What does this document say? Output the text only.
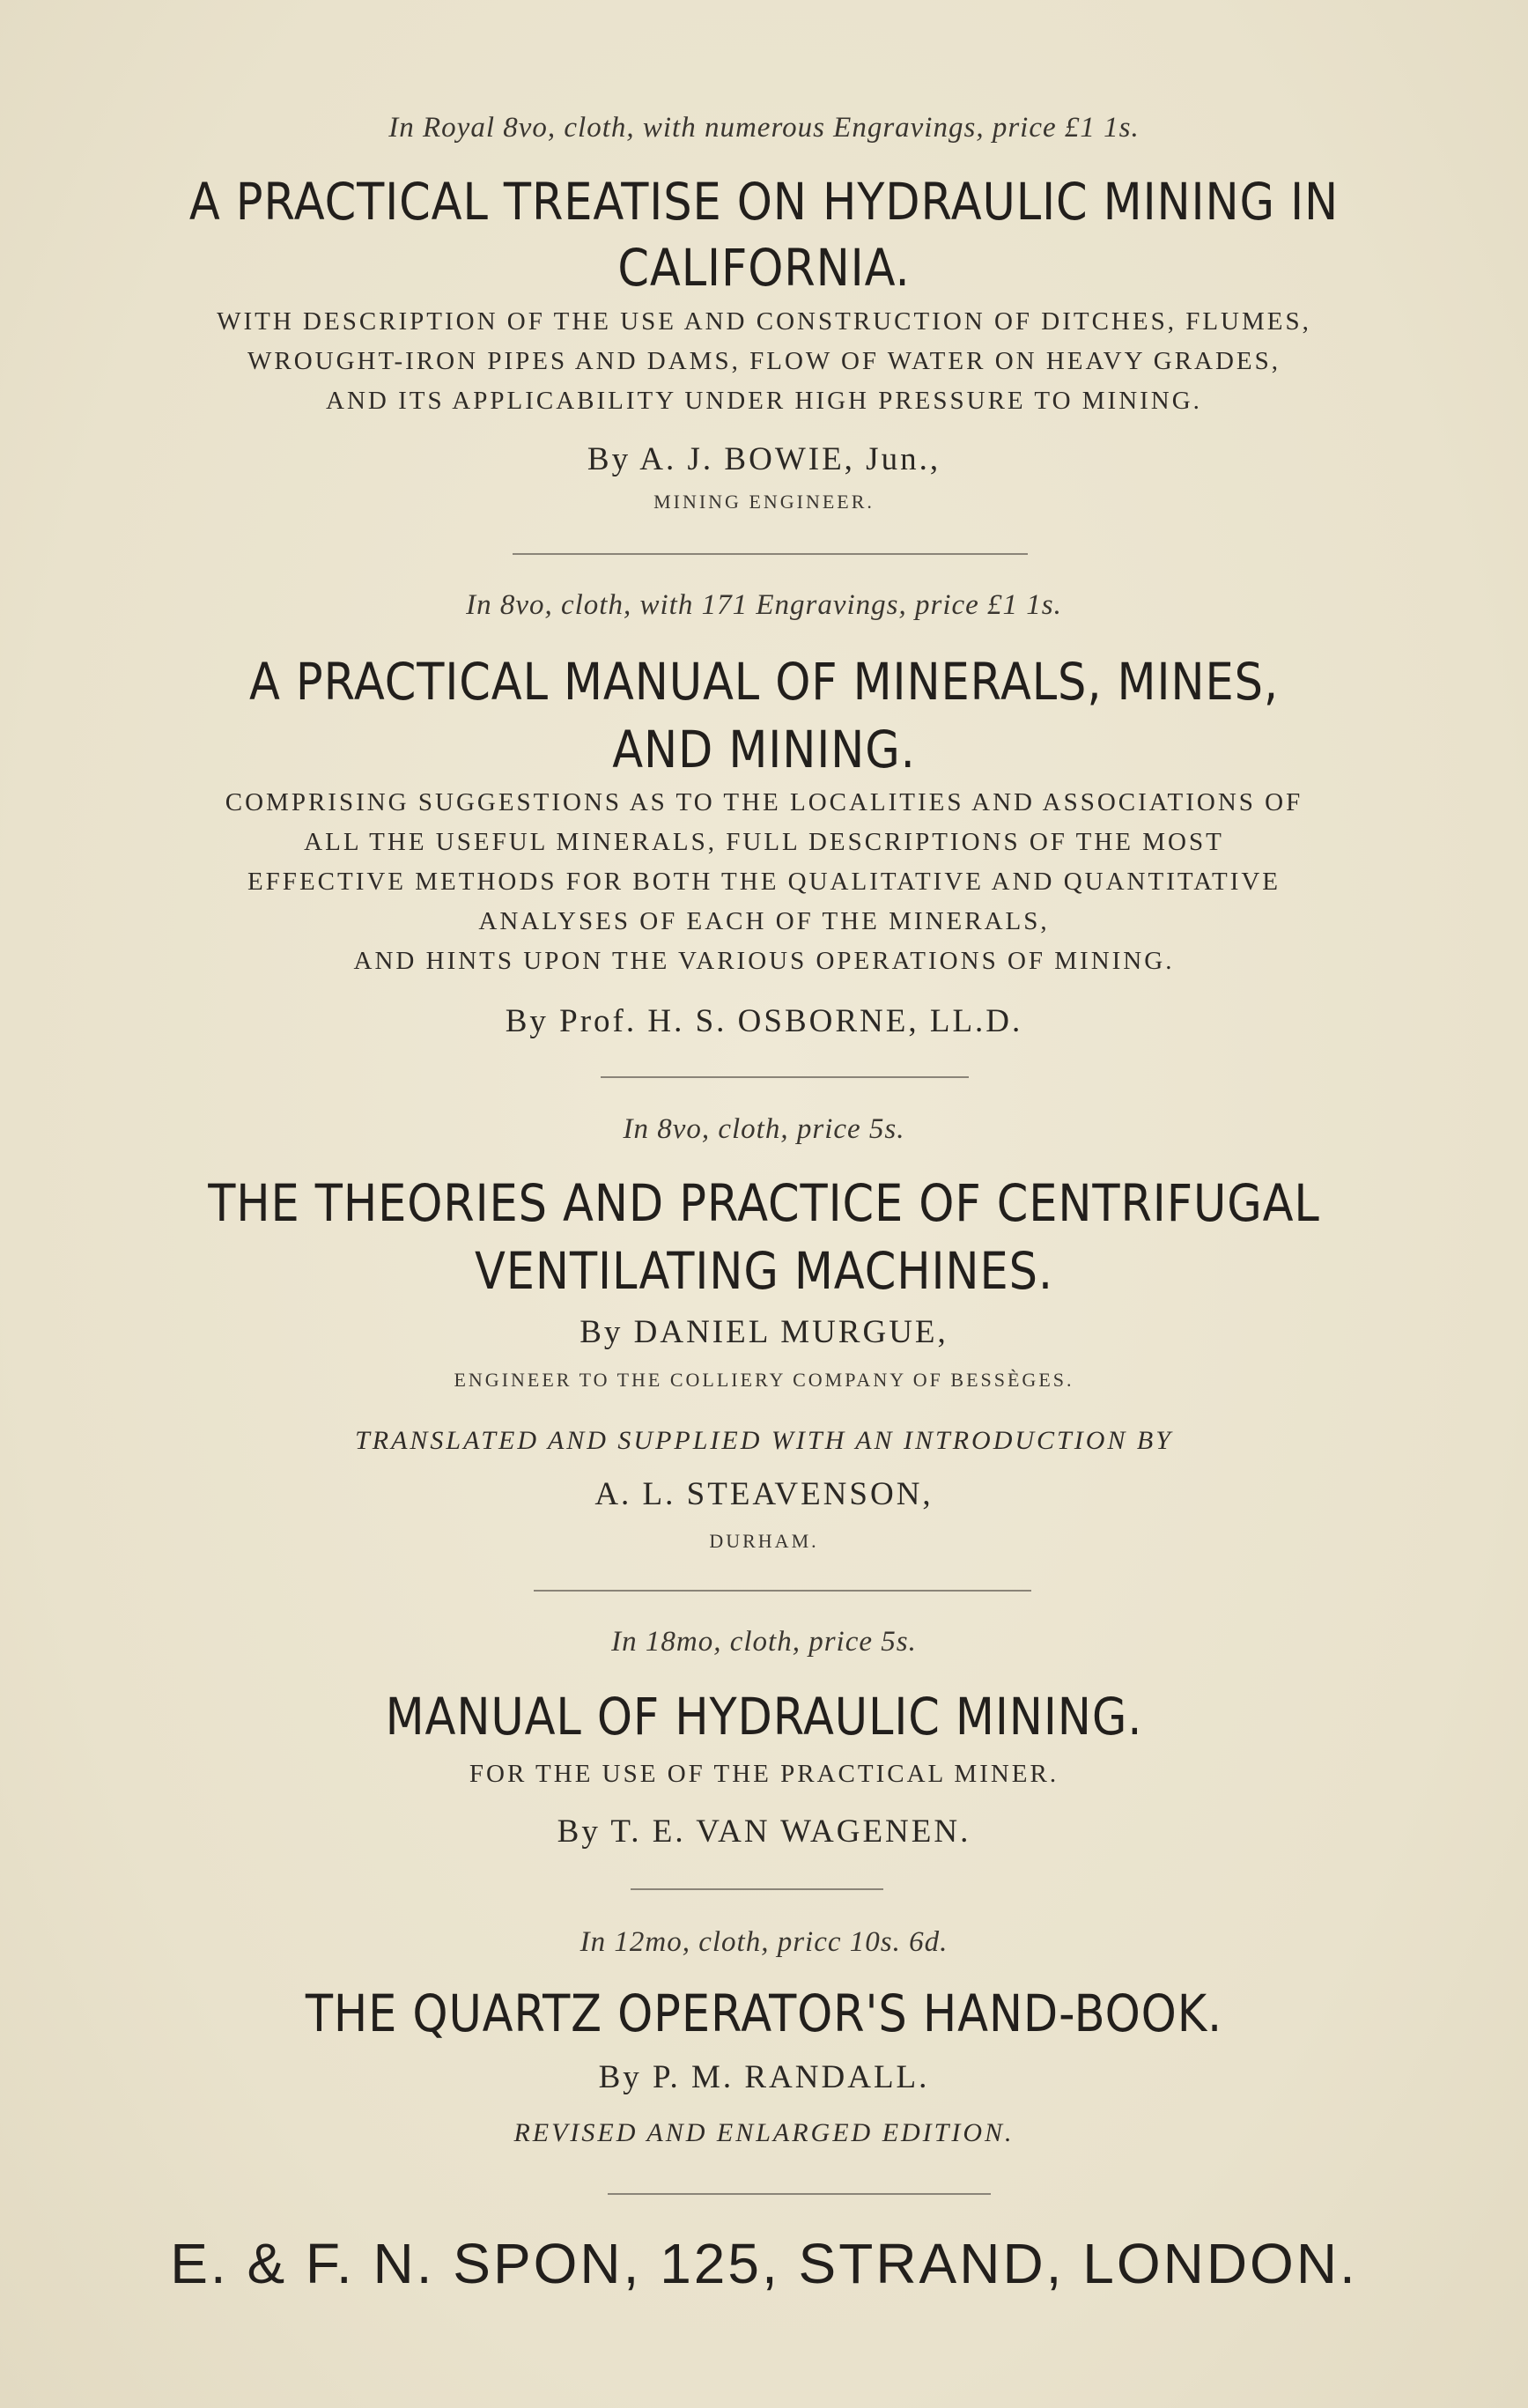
In Royal 8vo, cloth, with numerous Engravings, price £1 1s.
A PRACTICAL TREATISE ON HYDRAULIC MINING IN
CALIFORNIA.
WITH DESCRIPTION OF THE USE AND CONSTRUCTION OF DITCHES, FLUMES,
WROUGHT-IRON PIPES AND DAMS, FLOW OF WATER ON HEAVY GRADES,
AND ITS APPLICABILITY UNDER HIGH PRESSURE TO MINING.
By A. J. BOWIE, Jun.,
MINING ENGINEER.
In 8vo, cloth, with 171 Engravings, price £1 1s.
A PRACTICAL MANUAL OF MINERALS, MINES,
AND MINING.
COMPRISING SUGGESTIONS AS TO THE LOCALITIES AND ASSOCIATIONS OF
ALL THE USEFUL MINERALS, FULL DESCRIPTIONS OF THE MOST
EFFECTIVE METHODS FOR BOTH THE QUALITATIVE AND QUANTITATIVE
ANALYSES OF EACH OF THE MINERALS,
AND HINTS UPON THE VARIOUS OPERATIONS OF MINING.
By Prof. H. S. OSBORNE, LL.D.
In 8vo, cloth, price 5s.
THE THEORIES AND PRACTICE OF CENTRIFUGAL
VENTILATING MACHINES.
By DANIEL MURGUE,
ENGINEER TO THE COLLIERY COMPANY OF BESSÈGES.
TRANSLATED AND SUPPLIED WITH AN INTRODUCTION BY
A. L. STEAVENSON,
DURHAM.
In 18mo, cloth, price 5s.
MANUAL OF HYDRAULIC MINING.
FOR THE USE OF THE PRACTICAL MINER.
By T. E. VAN WAGENEN.
In 12mo, cloth, pricc 10s. 6d.
THE QUARTZ OPERATOR'S HAND-BOOK.
By P. M. RANDALL.
REVISED AND ENLARGED EDITION.
E. & F. N. SPON, 125, STRAND, LONDON.
